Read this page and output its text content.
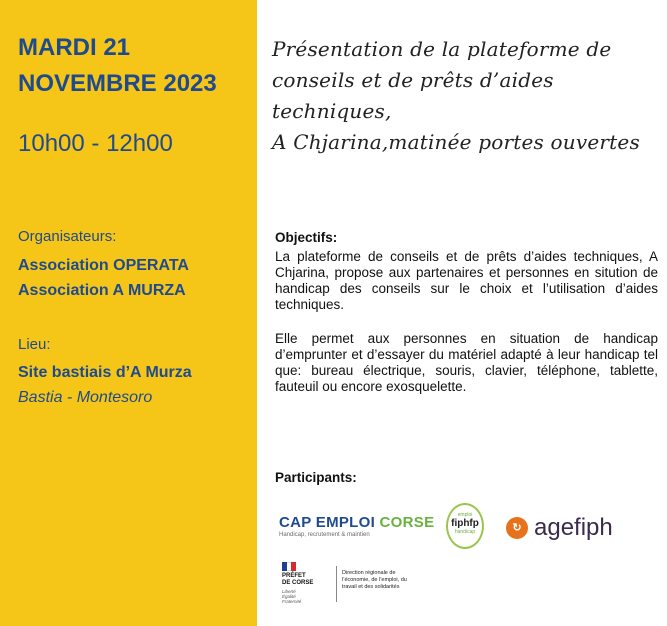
MARDI 21
NOVEMBRE 2023
10h00 - 12h00
Organisateurs:
Association OPERATA
Association A MURZA
Lieu:
Site bastiais d’A Murza
Bastia - Montesoro
Présentation de la plateforme de
conseils et de prêts d’aides techniques,
A Chjarina,matinée portes ouvertes
Objectifs:

La plateforme de conseils et de prêts d’aides techniques, A Chjarina, propose aux partenaires et personnes en sitution de handicap des conseils sur le choix et l’utilisation d’aides techniques.

Elle permet aux personnes en situation de handicap d’emprunter et d’essayer du matériel adapté à leur handicap tel que: bureau électrique, souris, clavier, téléphone, tablette, fauteuil ou encore exosquelette.

Participants:
CAP EMPLOI CORSE
Handicap, recrutement & maintien
emploi
fiphfp
handicap	↻ agefiph
PRÉFET
DE CORSE
Liberté
Égalité
Fraternité
Direction régionale de l’économie, de l’emploi, du travail et des solidarités
